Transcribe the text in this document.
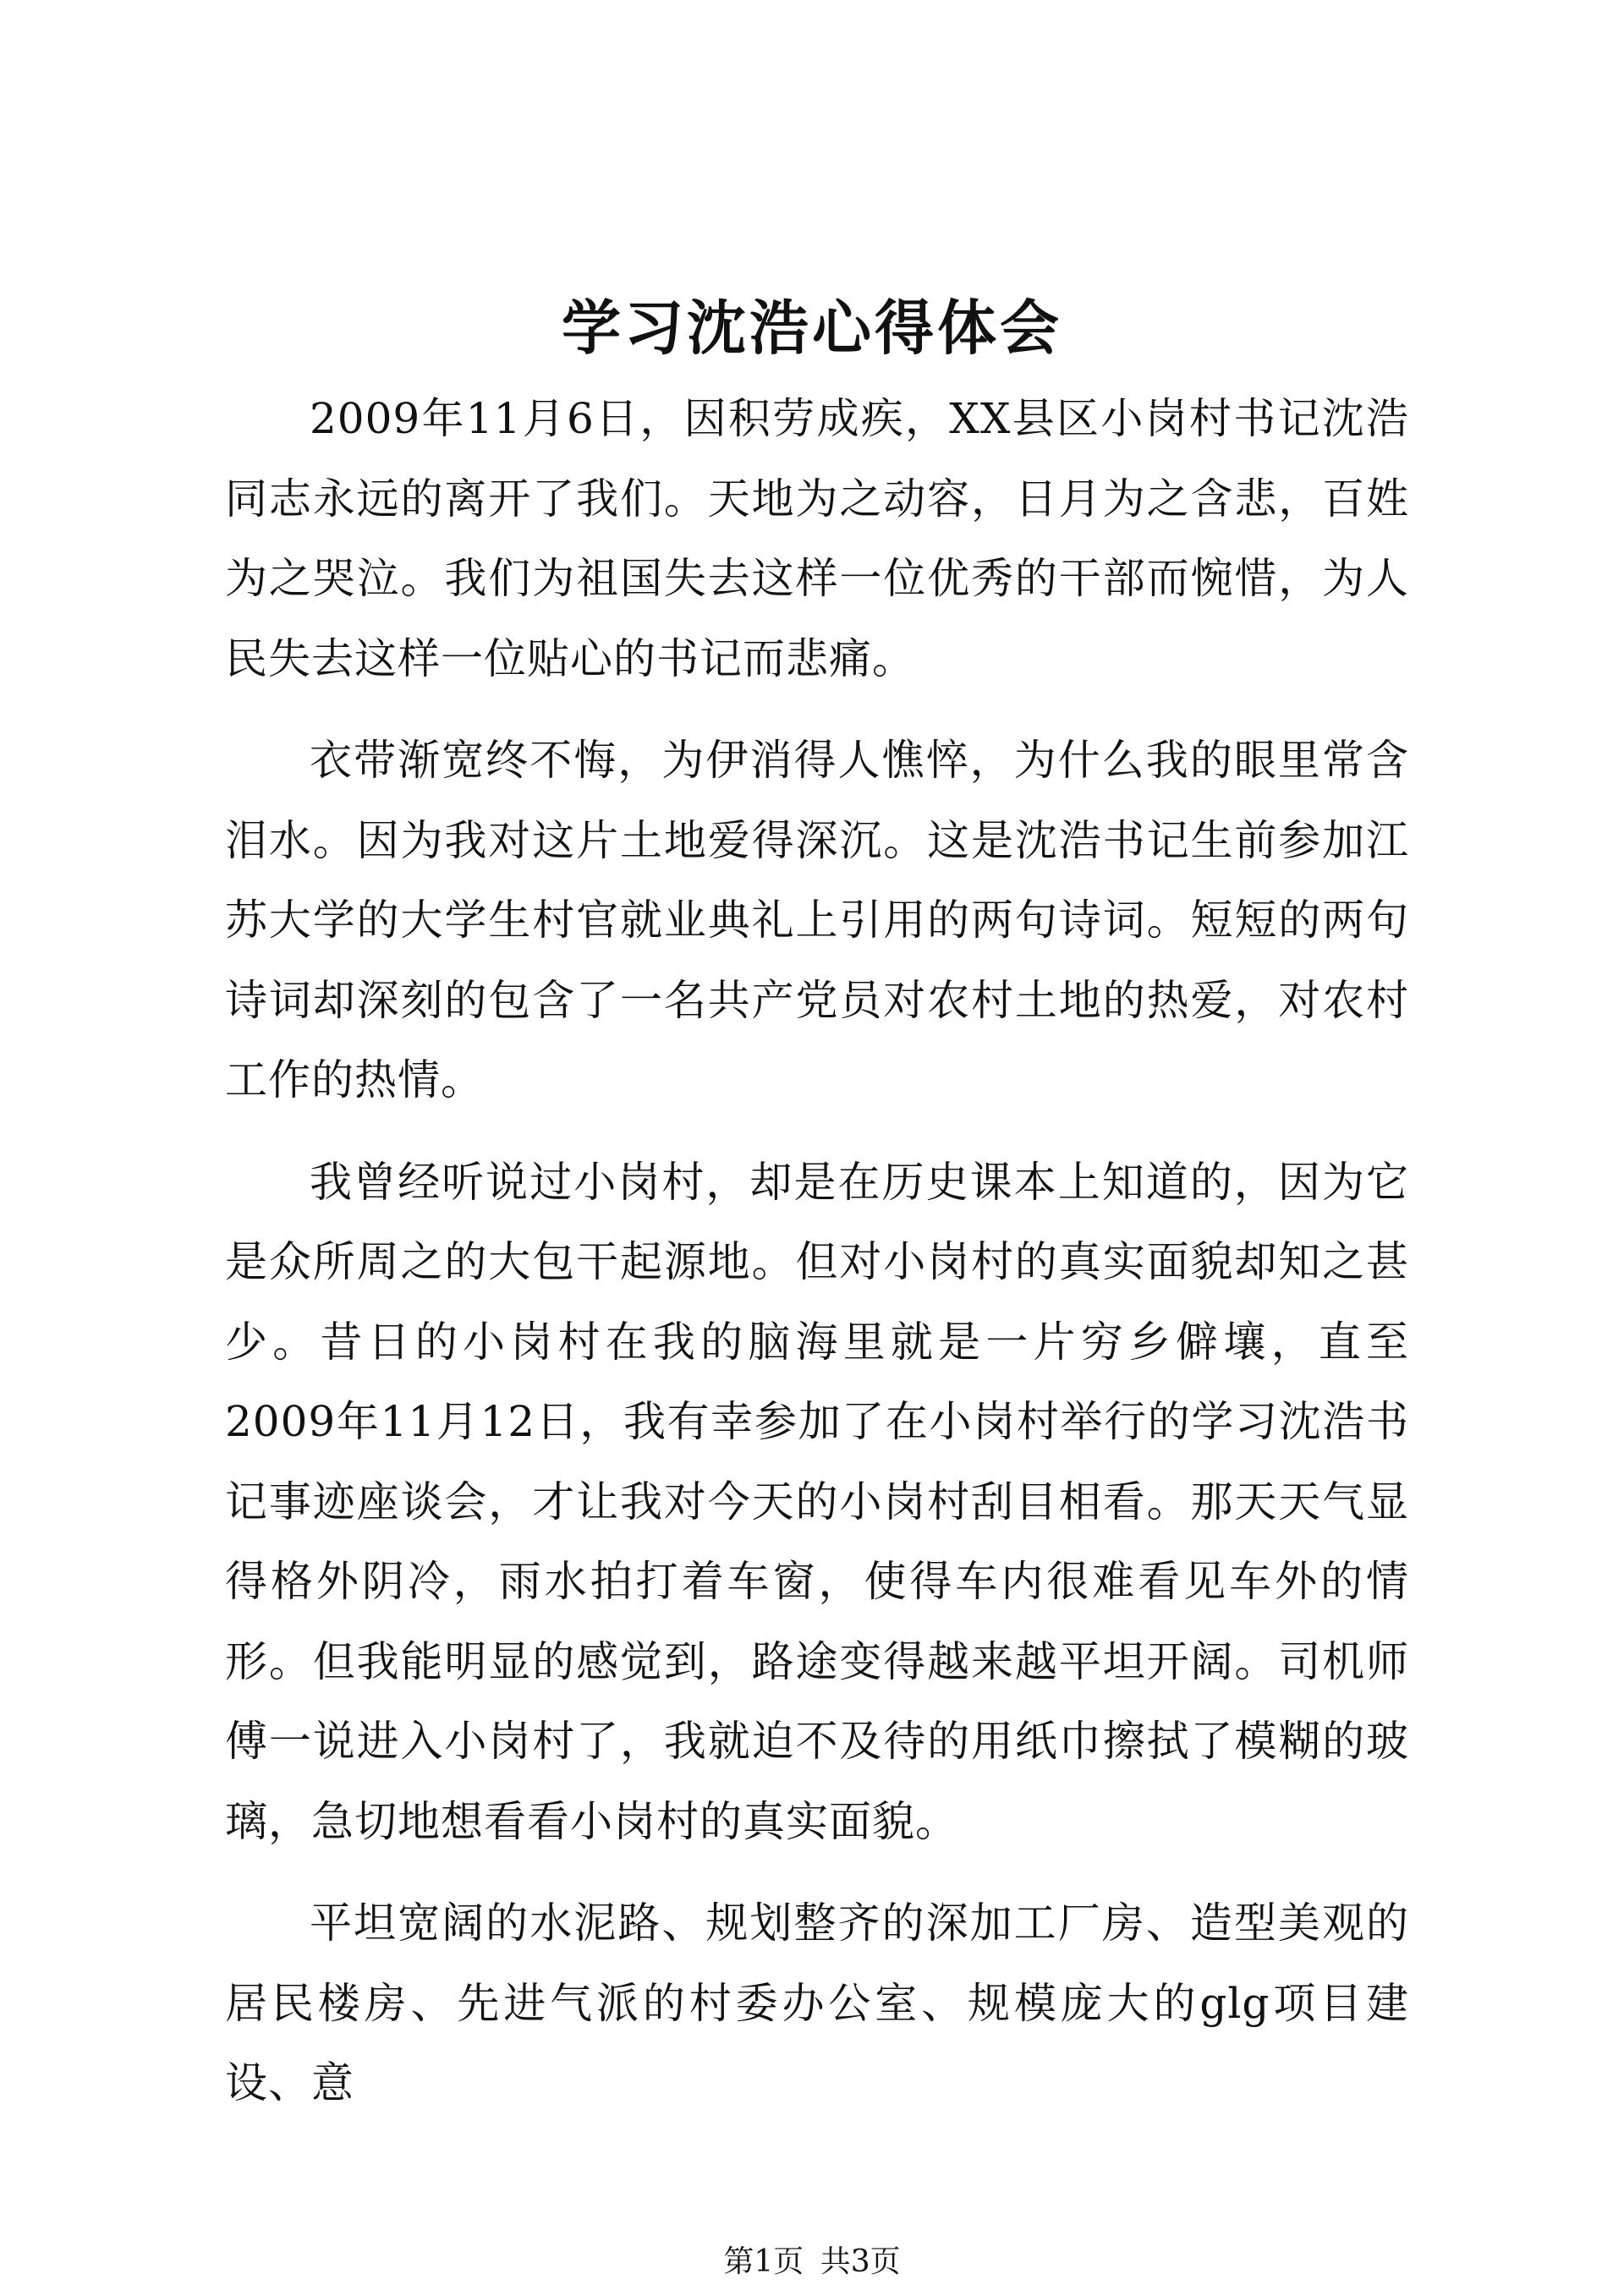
学习沈浩心得体会

2009年11月6日，因积劳成疾，XX县区小岗村书记沈浩同志永远的离开了我们。天地为之动容，日月为之含悲，百姓为之哭泣。我们为祖国失去这样一位优秀的干部而惋惜，为人民失去这样一位贴心的书记而悲痛。

衣带渐宽终不悔，为伊消得人憔悴，为什么我的眼里常含泪水。因为我对这片土地爱得深沉。这是沈浩书记生前参加江苏大学的大学生村官就业典礼上引用的两句诗词。短短的两句诗词却深刻的包含了一名共产党员对农村土地的热爱，对农村工作的热情。

我曾经听说过小岗村，却是在历史课本上知道的，因为它是众所周之的大包干起源地。但对小岗村的真实面貌却知之甚少。昔日的小岗村在我的脑海里就是一片穷乡僻壤，直至2009年11月12日，我有幸参加了在小岗村举行的学习沈浩书记事迹座谈会，才让我对今天的小岗村刮目相看。那天天气显得格外阴冷，雨水拍打着车窗，使得车内很难看见车外的情形。但我能明显的感觉到，路途变得越来越平坦开阔。司机师傅一说进入小岗村了，我就迫不及待的用纸巾擦拭了模糊的玻璃，急切地想看看小岗村的真实面貌。

平坦宽阔的水泥路、规划整齐的深加工厂房、造型美观的居民楼房、先进气派的村委办公室、规模庞大的glg项目建设、意

第1页 共3页
